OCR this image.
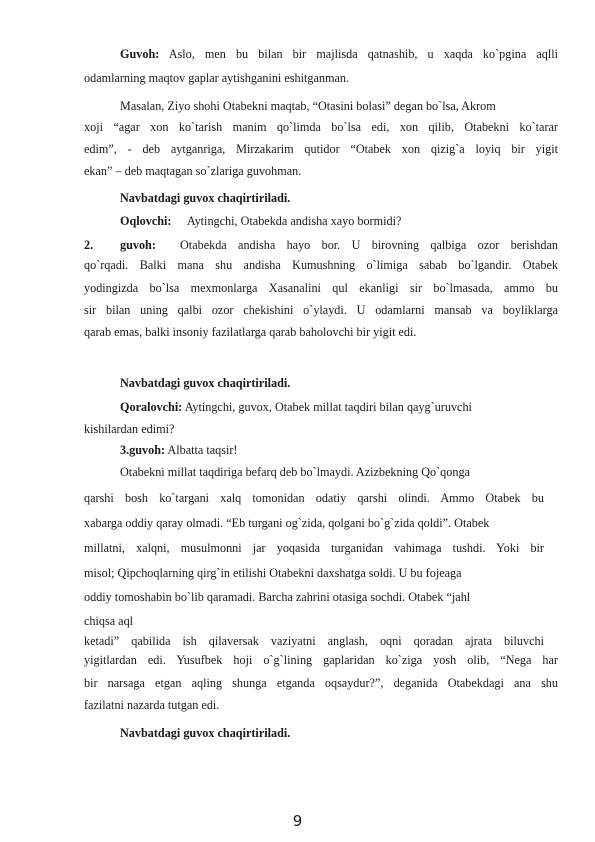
Guvoh: Aslo, men bu bilan bir majlisda qatnashib, u xaqda ko`pgina aqlli
odamlarning maqtov gaplar aytishganini eshitganman.
Masalan, Ziyo shohi Otabekni maqtab, “Otasini bolasi” degan bo`lsa, Akrom
xoji “agar xon ko`tarish manim qo`limda bo`lsa edi, xon qilib, Otabekni ko`tarar
edim”, - deb aytganriga, Mirzakarim qutidor “Otabek xon qizig`a loyiq bir yigit
ekan” – deb maqtagan so`zlariga guvohman.
Navbatdagi guvox chaqirtiriladi.
Oqlovchi: Aytingchi, Otabekda andisha xayo bormidi?
2. guvoh: Otabekda andisha hayo bor. U birovning qalbiga ozor berishdan
qo`rqadi. Balki mana shu andisha Kumushning o`limiga sabab bo`lgandir. Otabek
yodingizda bo`lsa mexmonlarga Xasanalini qul ekanligi sir bo`lmasada, ammo bu
sir bilan uning qalbi ozor chekishini o`ylaydi. U odamlarni mansab va boyliklarga
qarab emas, balki insoniy fazilatlarga qarab baholovchi bir yigit edi.
Navbatdagi guvox chaqirtiriladi.
Qoralovchi: Aytingchi, guvox, Otabek millat taqdiri bilan qayg`uruvchi
kishilardan edimi?
3.guvoh: Albatta taqsir!
Otabekni millat taqdiriga befarq deb bo`lmaydi. Azizbekning Qo`qonga
qarshi bosh ko`targani xalq tomonidan odatiy qarshi olindi. Ammo Otabek bu
xabarga oddiy qaray olmadi. “Eb turgani og`zida, qolgani bo`g`zida qoldi”. Otabek
millatni, xalqni, musulmonni jar yoqasida turganidan vahimaga tushdi. Yoki bir
misol; Qipchoqlarning qirg`in etilishi Otabekni daxshatga soldi. U bu fojeaga
oddiy tomoshabin bo`lib qaramadi. Barcha zahrini otasiga sochdi. Otabek “jahl
chiqsa aql
ketadi” qabilida ish qilaversak vaziyatni anglash, oqni qoradan ajrata biluvchi
yigitlardan edi. Yusufbek hoji o`g`lining gaplaridan ko`ziga yosh olib, “Nega har
bir narsaga etgan aqling shunga etganda oqsaydur?”, deganida Otabekdagi ana shu
fazilatni nazarda tutgan edi.
Navbatdagi guvox chaqirtiriladi.
9
